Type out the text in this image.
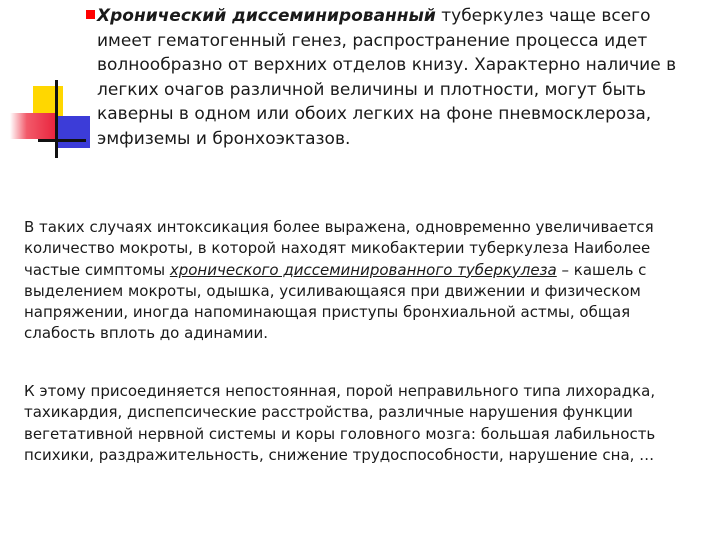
Хронический диссеминированный туберкулез чаще всего имеет гематогенный генез, распространение процесса идет волнообразно от верхних отделов книзу. Характерно наличие в легких очагов различной величины и плотности, могут быть каверны в одном или обоих легких на фоне пневмосклероза, эмфиземы и бронхоэктазов.

В таких случаях интоксикация более выражена, одновременно увеличивается количество мокроты, в которой находят микобактерии туберкулеза Наиболее частые симптомы хронического диссеминированного туберкулеза – кашель с выделением мокроты, одышка, усиливающаяся при движении и физическом напряжении, иногда напоминающая приступы бронхиальной астмы, общая слабость вплоть до адинамии.

К этому присоединяется непостоянная, порой неправильного типа лихорадка, тахикардия, диспепсические расстройства, различные нарушения функции вегетативной нервной системы и коры головного мозга: большая лабильность психики, раздражительность, снижение трудоспособности, нарушение сна, …
